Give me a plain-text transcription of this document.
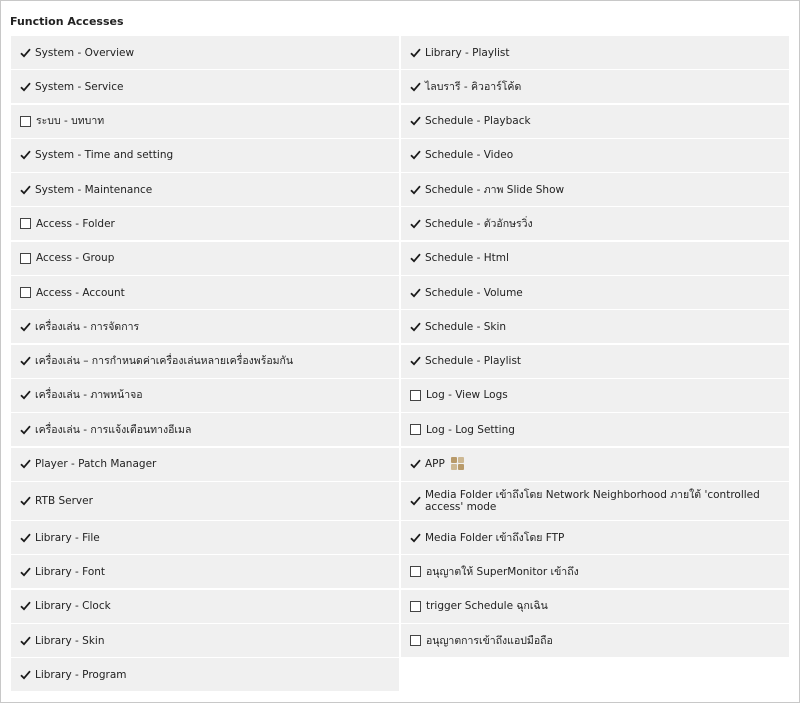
Function Accesses
System - Overview
System - Service
ระบบ - บทบาท
System - Time and setting
System - Maintenance
Access - Folder
Access - Group
Access - Account
เครื่องเล่น - การจัดการ
เครื่องเล่น – การกำหนดค่าเครื่องเล่นหลายเครื่องพร้อมกัน
เครื่องเล่น - ภาพหน้าจอ
เครื่องเล่น - การแจ้งเตือนทางอีเมล
Player - Patch Manager
RTB Server
Library - File
Library - Font
Library - Clock
Library - Skin
Library - Program
Library - Playlist
ไลบรารี - คิวอาร์โค้ด
Schedule - Playback
Schedule - Video
Schedule - ภาพ Slide Show
Schedule - ตัวอักษรวิ่ง
Schedule - Html
Schedule - Volume
Schedule - Skin
Schedule - Playlist
Log - View Logs
Log - Log Setting
APP
Media Folder เข้าถึงโดย Network Neighborhood ภายใต้ 'controlled access' mode
Media Folder เข้าถึงโดย FTP
อนุญาตให้ SuperMonitor เข้าถึง
trigger Schedule ฉุกเฉิน
อนุญาตการเข้าถึงแอปมือถือ
